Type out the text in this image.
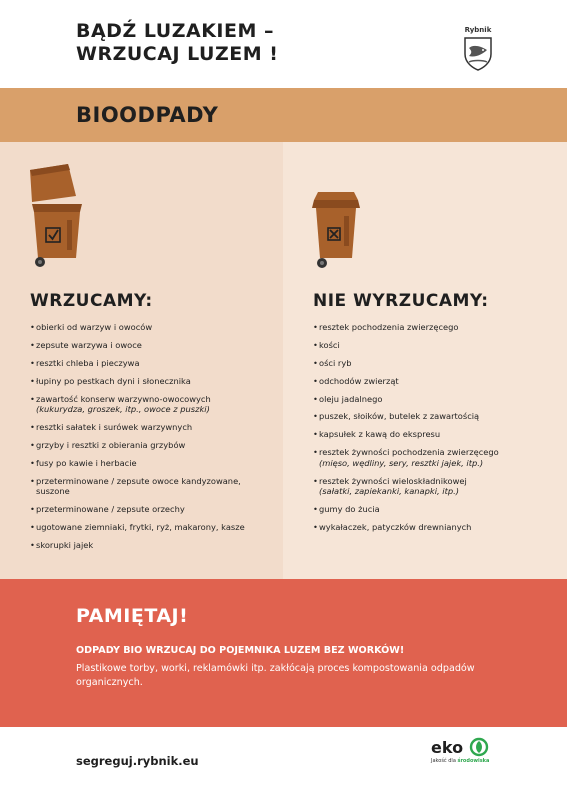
BĄDŹ LUZAKIEM –
WRZUCAJ LUZEM !
Rybnik
BIOODPADY
WRZUCAMY:	NIE WYRZUCAMY:
• obierki od warzyw i owoców
• zepsute warzywa i owoce
• resztki chleba i pieczywa
• łupiny po pestkach dyni i słonecznika
• zawartość konserw warzywno-owocowych
(kukurydza, groszek, itp., owoce z puszki)
• resztki sałatek i surówek warzywnych
• grzyby i resztki z obierania grzybów
• fusy po kawie i herbacie
• przeterminowane / zepsute owoce kandyzowane, suszone
• przeterminowane / zepsute orzechy
• ugotowane ziemniaki, frytki, ryż, makarony, kasze
• skorupki jajek
• resztek pochodzenia zwierzęcego
• kości
• ości ryb
• odchodów zwierząt
• oleju jadalnego
• puszek, słoików, butelek z zawartością
• kapsułek z kawą do ekspresu
• resztek żywności pochodzenia zwierzęcego
(mięso, wędliny, sery, resztki jajek, itp.)
• resztek żywności wieloskładnikowej
(sałatki, zapiekanki, kanapki, itp.)
• gumy do żucia
• wykałaczek, patyczków drewnianych
PAMIĘTAJ!
ODPADY BIO WRZUCAJ DO POJEMNIKA LUZEM BEZ WORKÓW!
Plastikowe torby, worki, reklamówki itp. zakłócają proces kompostowania odpadów organicznych.
segreguj.rybnik.eu
eko
Jakość dla środowiska
